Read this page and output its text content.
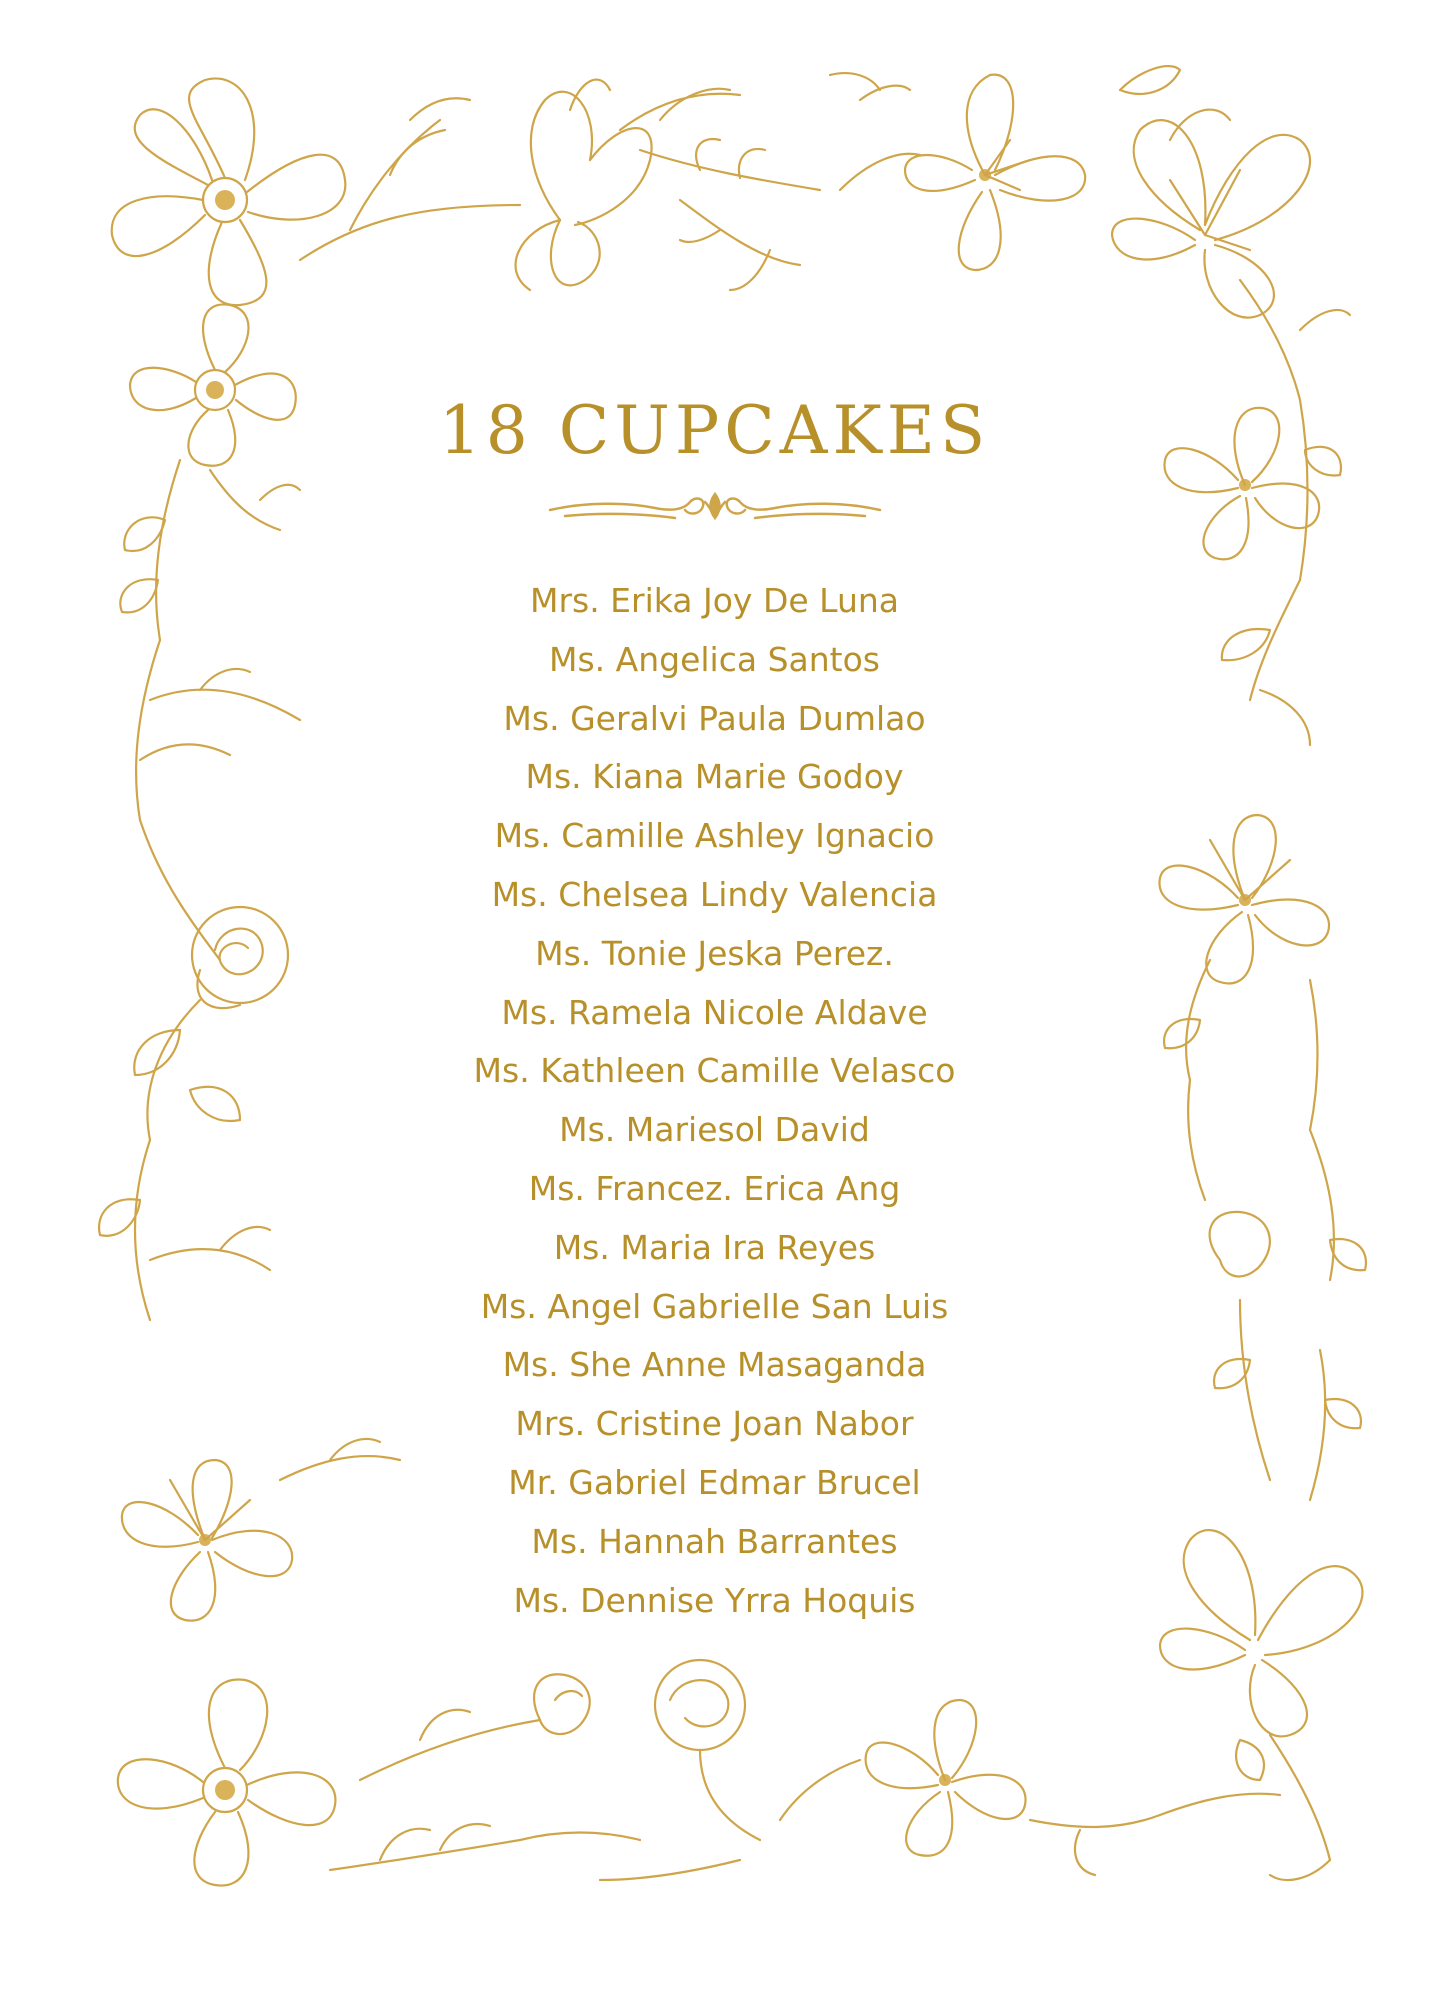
18 CUPCAKES
Mrs. Erika Joy De Luna
Ms. Angelica Santos
Ms. Geralvi Paula Dumlao
Ms. Kiana Marie Godoy
Ms. Camille Ashley Ignacio
Ms. Chelsea Lindy Valencia
Ms. Tonie Jeska Perez.
Ms. Ramela Nicole Aldave
Ms. Kathleen Camille Velasco
Ms. Mariesol David
Ms. Francez. Erica Ang
Ms. Maria Ira Reyes
Ms. Angel Gabrielle San Luis
Ms. She Anne Masaganda
Mrs. Cristine Joan Nabor
Mr. Gabriel Edmar Brucel
Ms. Hannah Barrantes
Ms. Dennise Yrra Hoquis
